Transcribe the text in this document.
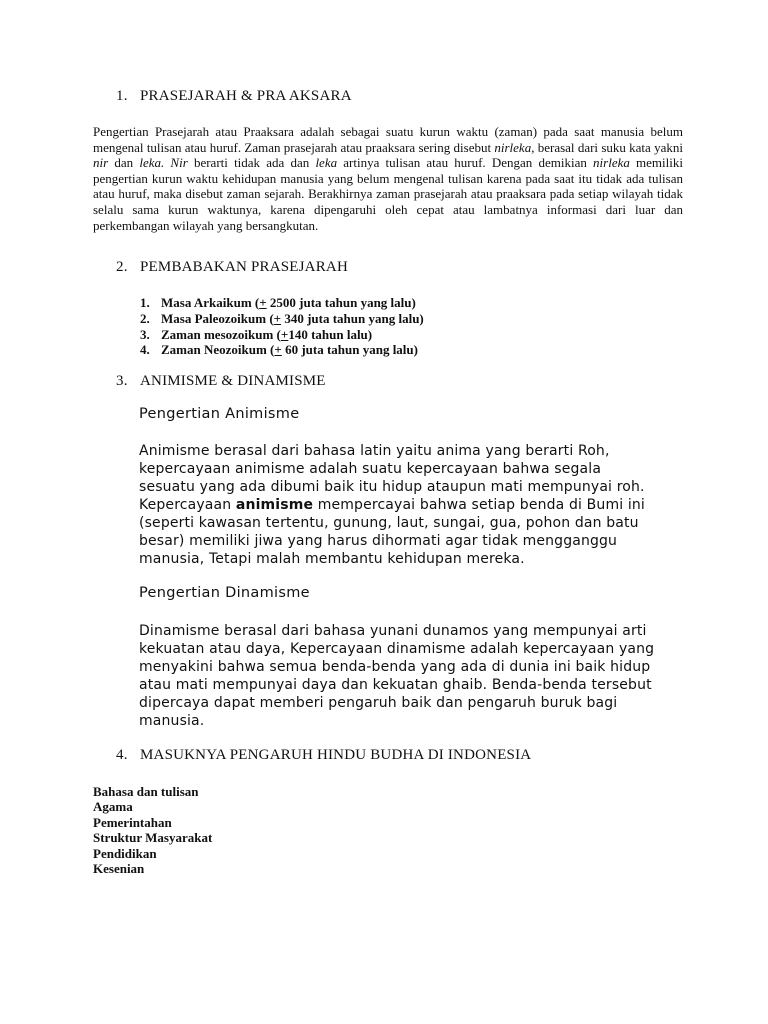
1. PRASEJARAH & PRA AKSARA

Pengertian Prasejarah atau Praaksara adalah sebagai suatu kurun waktu (zaman) pada saat manusia belum mengenal tulisan atau huruf. Zaman prasejarah atau praaksara sering disebut nirleka, berasal dari suku kata yakni nir dan leka. Nir berarti tidak ada dan leka artinya tulisan atau huruf. Dengan demikian nirleka memiliki pengertian kurun waktu kehidupan manusia yang belum mengenal tulisan karena pada saat itu tidak ada tulisan atau huruf, maka disebut zaman sejarah. Berakhirnya zaman prasejarah atau praaksara pada setiap wilayah tidak selalu sama kurun waktunya, karena dipengaruhi oleh cepat atau lambatnya informasi dari luar dan perkembangan wilayah yang bersangkutan.

2. PEMBABAKAN PRASEJARAH
1. Masa Arkaikum (+ 2500 juta tahun yang lalu)
2. Masa Paleozoikum (+ 340 juta tahun yang lalu)
3. Zaman mesozoikum (+140 tahun lalu)
4. Zaman Neozoikum (+ 60 juta tahun yang lalu)
3. ANIMISME & DINAMISME
Pengertian Animisme

Animisme berasal dari bahasa latin yaitu anima yang berarti Roh, kepercayaan animisme adalah suatu kepercayaan bahwa segala sesuatu yang ada dibumi baik itu hidup ataupun mati mempunyai roh.

Kepercayaan animisme mempercayai bahwa setiap benda di Bumi ini (seperti kawasan tertentu, gunung, laut, sungai, gua, pohon dan batu besar) memiliki jiwa yang harus dihormati agar tidak mengganggu manusia, Tetapi malah membantu kehidupan mereka.

Pengertian Dinamisme

Dinamisme berasal dari bahasa yunani dunamos yang mempunyai arti kekuatan atau daya, Kepercayaan dinamisme adalah kepercayaan yang menyakini bahwa semua benda-benda yang ada di dunia ini baik hidup atau mati mempunyai daya dan kekuatan ghaib. Benda-benda tersebut dipercaya dapat memberi pengaruh baik dan pengaruh buruk bagi manusia.

4. MASUKNYA PENGARUH HINDU BUDHA DI INDONESIA
Bahasa dan tulisan
Agama
Pemerintahan
Struktur Masyarakat
Pendidikan
Kesenian
